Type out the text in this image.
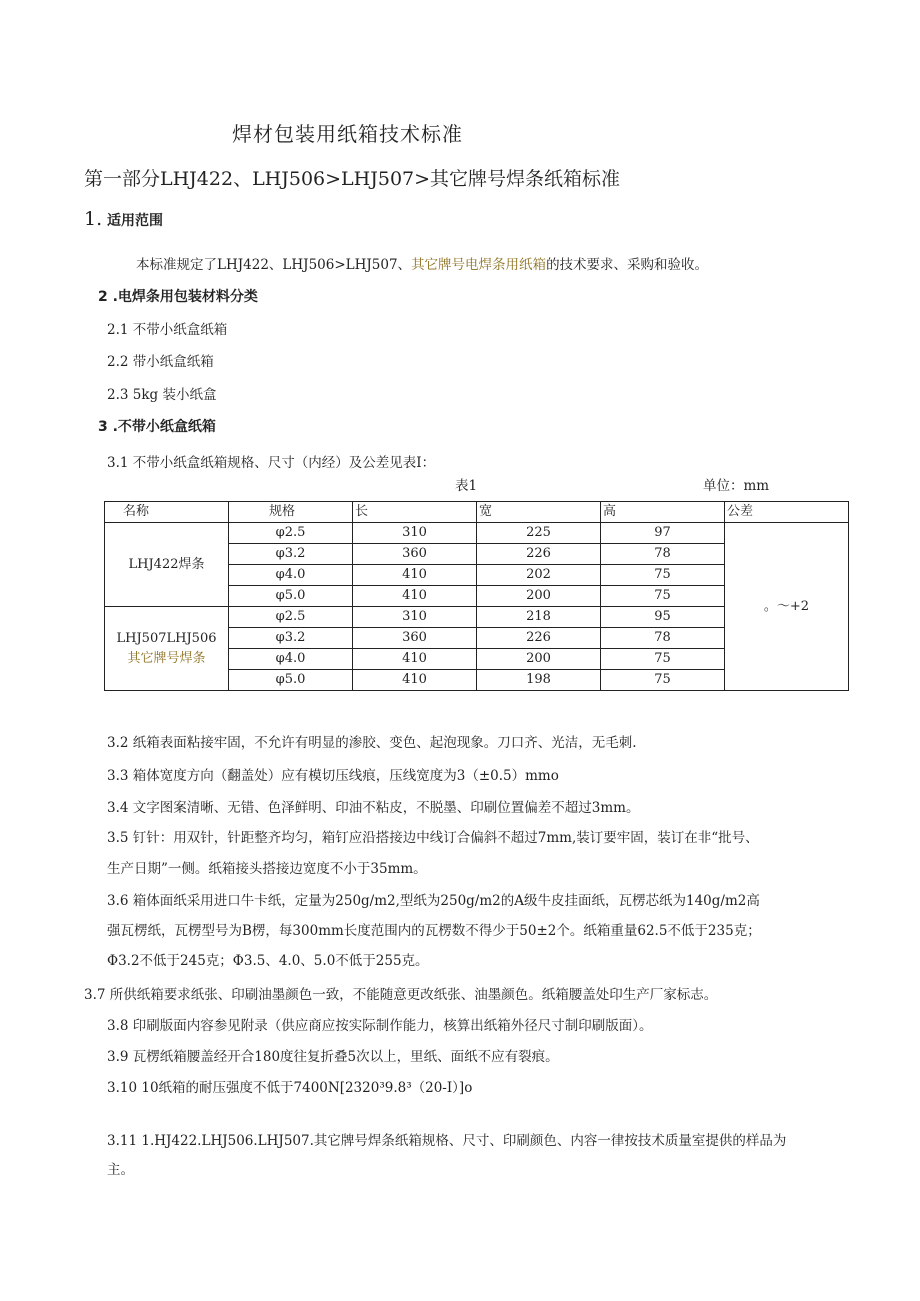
焊材包装用纸箱技术标准
第一部分LHJ422、LHJ506>LHJ507>其它牌号焊条纸箱标准
1. 适用范围
本标准规定了LHJ422、LHJ506>LHJ507、其它牌号电焊条用纸箱的技术要求、采购和验收。
2 .电焊条用包装材料分类
2.1 不带小纸盒纸箱
2.2 带小纸盒纸箱
2.3 5kg 装小纸盒
3 .不带小纸盒纸箱
3.1 不带小纸盒纸箱规格、尺寸（内经）及公差见表I：
表1	单位：mm
名称	规格	长	宽	高	公差
LHJ422焊条	φ2.5	310	225	97	。～+2
	φ3.2	360	226	78	
	φ4.0	410	202	75	
	φ5.0	410	200	75	

LHJ507LHJ506
其它牌号焊条	φ2.5	310	218	95	
	φ3.2	360	226	78	
	φ4.0	410	200	75	
	φ5.0	410	198	75	
3.2 纸箱表面粘接牢固，不允许有明显的渗胶、变色、起泡现象。刀口齐、光洁，无毛刺.
3.3 箱体宽度方向（翻盖处）应有模切压线痕，压线宽度为3（±0.5）mmo
3.4 文字图案清晰、无错、色泽鲜明、印油不粘皮，不脱墨、印刷位置偏差不超过3mm。
3.5 钉针：用双针，针距整齐均匀，箱钉应沿搭接边中线订合偏斜不超过7mm,装订要牢固，装订在非“批号、
生产日期”一侧。纸箱接头搭接边宽度不小于35mm。
3.6 箱体面纸采用进口牛卡纸，定量为250g/m2,型纸为250g/m2的A级牛皮挂面纸，瓦楞芯纸为140g/m2高
强瓦楞纸，瓦楞型号为B楞，每300mm长度范围内的瓦楞数不得少于50±2个。纸箱重量62.5不低于235克；
Φ3.2不低于245克；Φ3.5、4.0、5.0不低于255克。
3.7 所供纸箱要求纸张、印刷油墨颜色一致，不能随意更改纸张、油墨颜色。纸箱腰盖处印生产厂家标志。
3.8 印刷版面内容参见附录（供应商应按实际制作能力，核算出纸箱外径尺寸制印刷版面）。
3.9 瓦楞纸箱腰盖经开合180度往复折叠5次以上，里纸、面纸不应有裂痕。
3.10 10纸箱的耐压强度不低于7400N[2320³9.8³（20-I）]o
3.11 1.HJ422.LHJ506.LHJ507.其它牌号焊条纸箱规格、尺寸、印刷颜色、内容一律按技术质量室提供的样品为
主。
